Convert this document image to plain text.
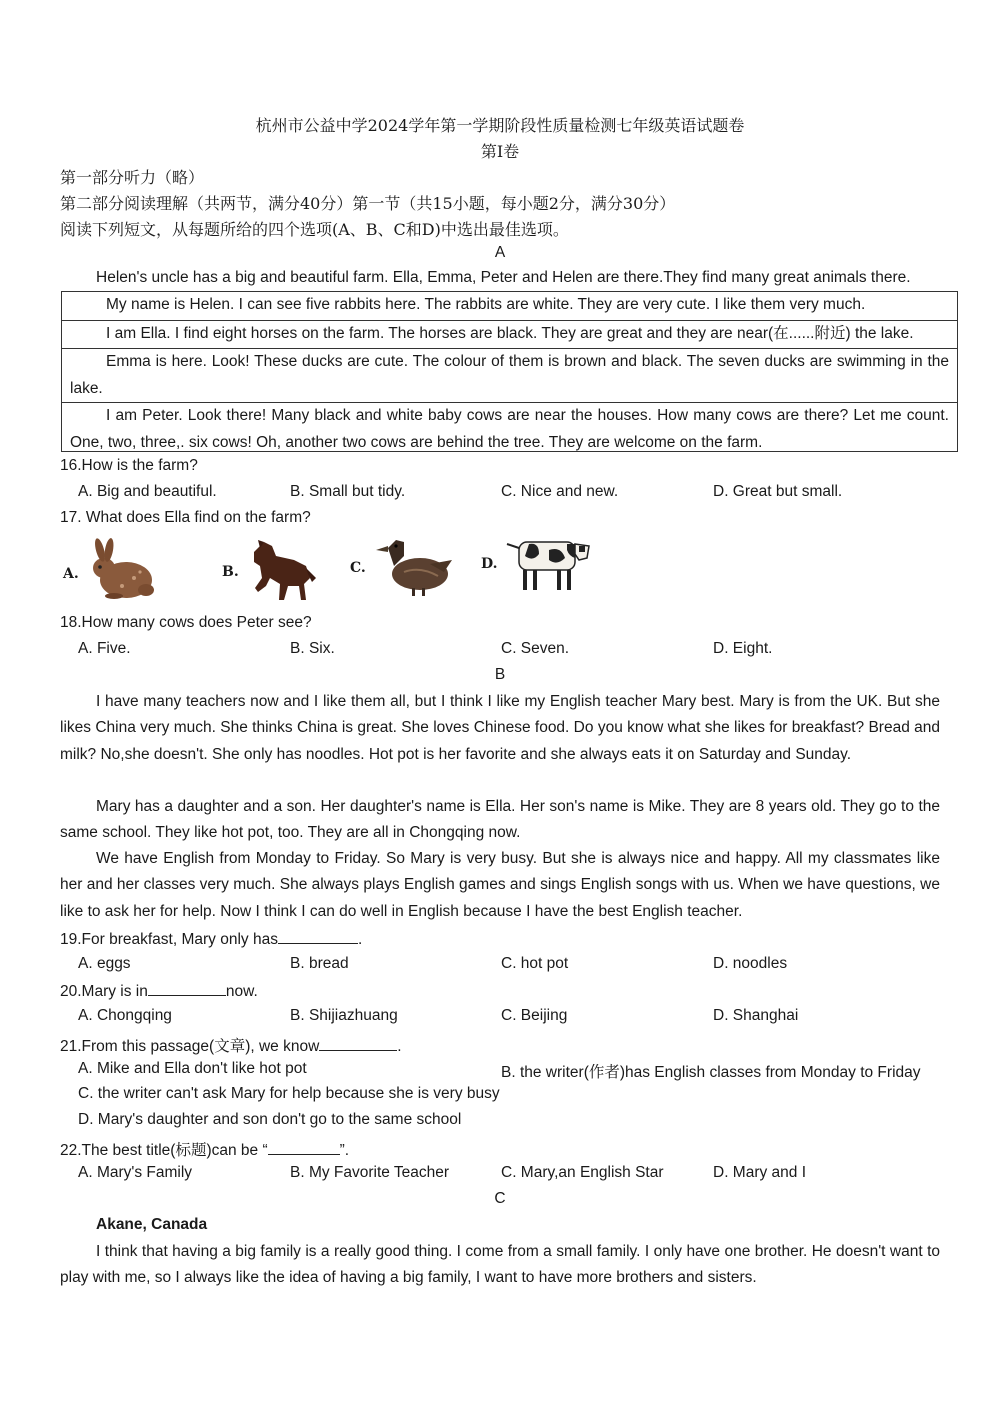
杭州市公益中学2024学年第一学期阶段性质量检测七年级英语试题卷
第I卷
第一部分听力（略）
第二部分阅读理解（共两节，满分40分）第一节（共15小题，每小题2分，满分30分）
阅读下列短文，从每题所给的四个选项(A、B、C和D)中选出最佳选项。
A
Helen's uncle has a big and beautiful farm. Ella, Emma, Peter and Helen are there.They find many great animals there.
My name is Helen. I can see five rabbits here. The rabbits are white. They are very cute. I like them very much.
I am Ella. I find eight horses on the farm. The horses are black. They are great and they are near(在......附近) the lake.
Emma is here. Look! These ducks are cute. The colour of them is brown and black. The seven ducks are swimming in the lake.
I am Peter. Look there! Many black and white baby cows are near the houses. How many cows are there? Let me count. One, two, three,. six cows! Oh, another two cows are behind the tree. They are welcome on the farm.
16.How is the farm?
A. Big and beautiful.	B. Small but tidy.	C. Nice and new.	D. Great but small.
17. What does Ella find on the farm?
A.	B.	C.	D.
18.How many cows does Peter see?
A. Five.	B. Six.	C. Seven.	D. Eight.
B
I have many teachers now and I like them all, but I think I like my English teacher Mary best. Mary is from the UK. But she likes China very much. She thinks China is great. She loves Chinese food. Do you know what she likes for breakfast? Bread and milk? No,she doesn't. She only has noodles. Hot pot is her favorite and she always eats it on Saturday and Sunday.
Mary has a daughter and a son. Her daughter's name is Ella. Her son's name is Mike. They are 8 years old. They go to the same school. They like hot pot, too. They are all in Chongqing now.
We have English from Monday to Friday. So Mary is very busy. But she is always nice and happy. All my classmates like her and her classes very much. She always plays English games and sings English songs with us. When we have questions, we like to ask her for help. Now I think I can do well in English because I have the best English teacher.
19.For breakfast, Mary only has	.
A. eggs	B. bread	C. hot pot	D. noodles
20.Mary is in	now.
A. Chongqing	B. Shijiazhuang	C. Beijing	D. Shanghai
21.From this passage(文章), we know	.
A. Mike and Ella don't like hot pot	B. the writer(作者)has English classes from Monday to Friday
C. the writer can't ask Mary for help because she is very busy
D. Mary's daughter and son don't go to the same school
22.The best title(标题)can be “	”.
A. Mary's Family	B. My Favorite Teacher	C. Mary,an English Star	D. Mary and I
C
Akane, Canada
I think that having a big family is a really good thing. I come from a small family. I only have one brother. He doesn't want to play with me, so I always like the idea of having a big family, I want to have more brothers and sisters.
